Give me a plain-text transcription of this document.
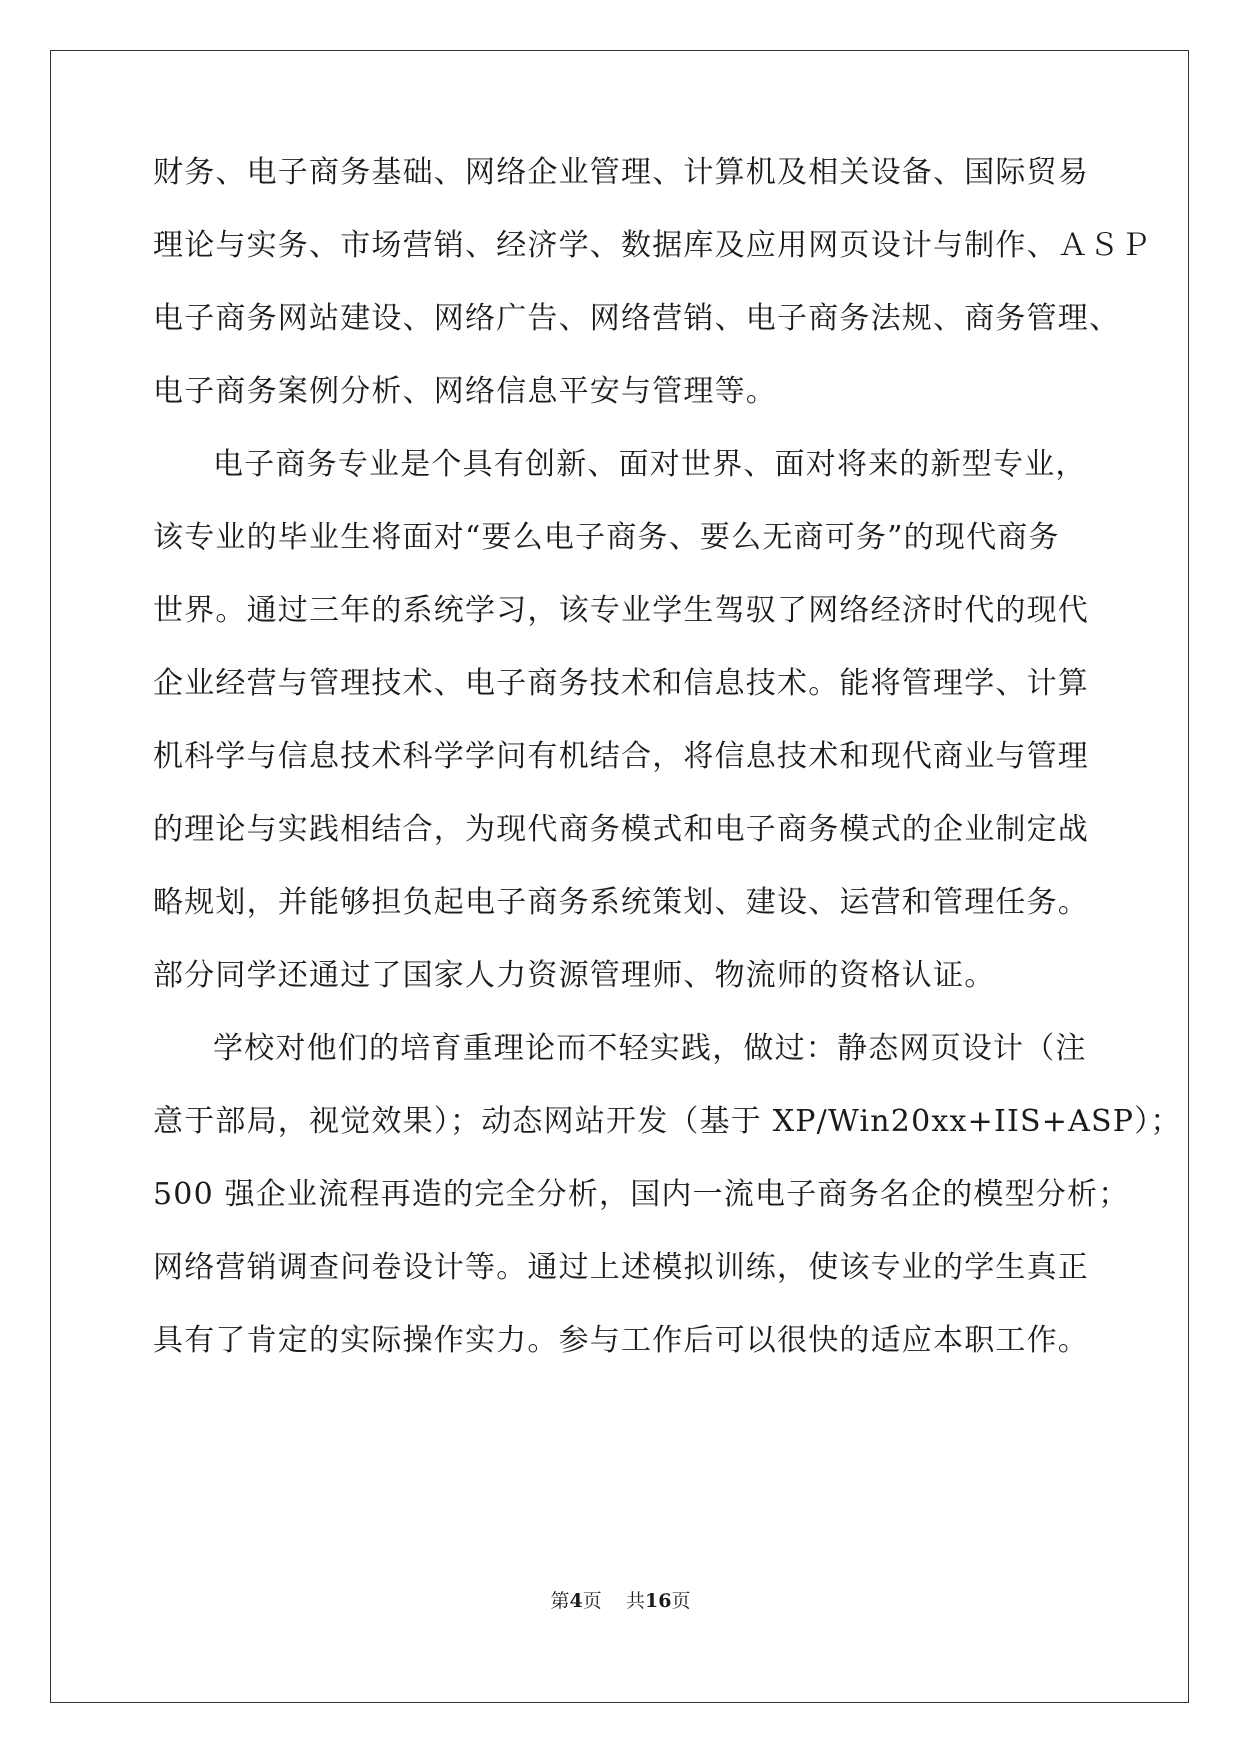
财务、电子商务基础、网络企业管理、计算机及相关设备、国际贸易
理论与实务、市场营销、经济学、数据库及应用网页设计与制作、ＡＳＰ
电子商务网站建设、网络广告、网络营销、电子商务法规、商务管理、
电子商务案例分析、网络信息平安与管理等。
电子商务专业是个具有创新、面对世界、面对将来的新型专业，
该专业的毕业生将面对“要么电子商务、要么无商可务”的现代商务
世界。通过三年的系统学习，该专业学生驾驭了网络经济时代的现代
企业经营与管理技术、电子商务技术和信息技术。能将管理学、计算
机科学与信息技术科学学问有机结合，将信息技术和现代商业与管理
的理论与实践相结合，为现代商务模式和电子商务模式的企业制定战
略规划，并能够担负起电子商务系统策划、建设、运营和管理任务。
部分同学还通过了国家人力资源管理师、物流师的资格认证。
学校对他们的培育重理论而不轻实践，做过：静态网页设计（注
意于部局，视觉效果）；动态网站开发（基于 XP/Win20xx+IIS+ASP）；
500 强企业流程再造的完全分析，国内一流电子商务名企的模型分析；
网络营销调查问卷设计等。通过上述模拟训练，使该专业的学生真正
具有了肯定的实际操作实力。参与工作后可以很快的适应本职工作。
第4页 共16页
